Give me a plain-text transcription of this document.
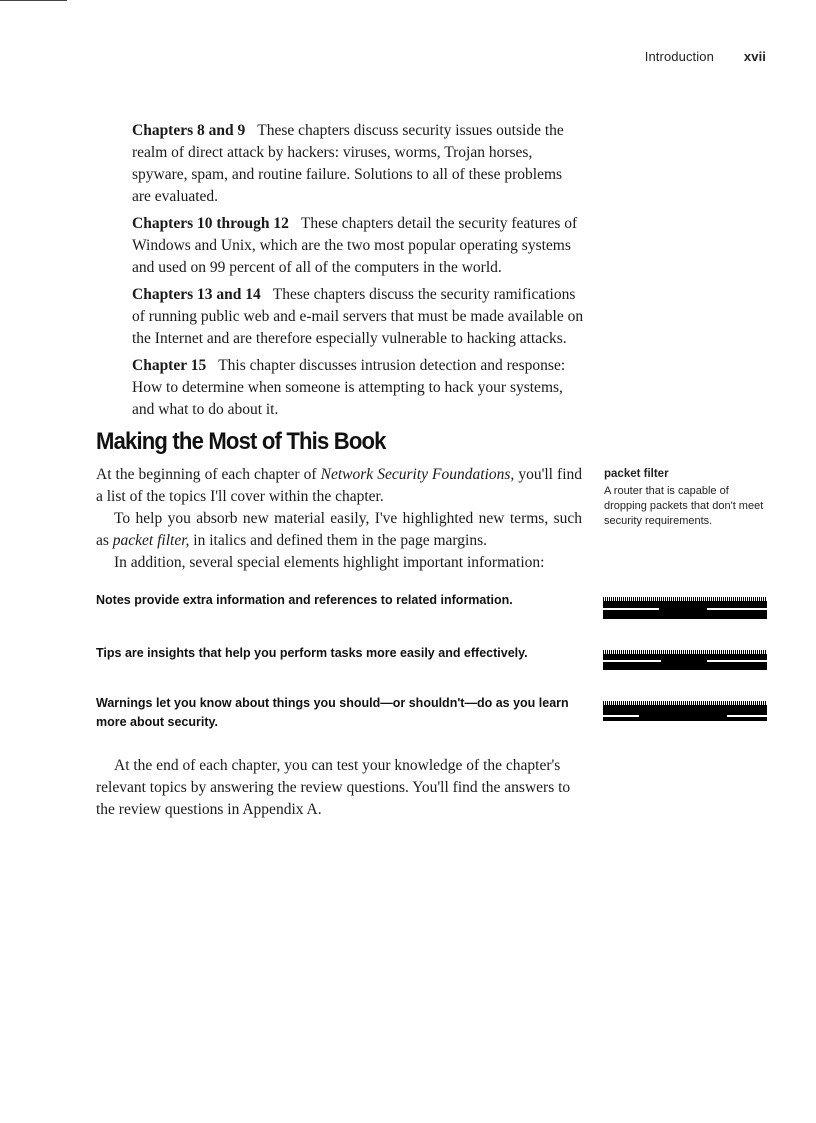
Introduction xvii

Chapters 8 and 9 These chapters discuss security issues outside the realm of direct attack by hackers: viruses, worms, Trojan horses, spyware, spam, and routine failure. Solutions to all of these problems are evaluated.

Chapters 10 through 12 These chapters detail the security features of Windows and Unix, which are the two most popular operating systems and used on 99 percent of all of the computers in the world.

Chapters 13 and 14 These chapters discuss the security ramifications of running public web and e-mail servers that must be made available on the Internet and are therefore especially vulnerable to hacking attacks.

Chapter 15 This chapter discusses intrusion detection and response: How to determine when someone is attempting to hack your systems, and what to do about it.

Making the Most of This Book

At the beginning of each chapter of Network Security Foundations, you'll find a list of the topics I'll cover within the chapter.

To help you absorb new material easily, I've highlighted new terms, such as packet filter, in italics and defined them in the page margins.

In addition, several special elements highlight important information:

packet filter
A router that is capable of dropping packets that don't meet security requirements.
Notes provide extra information and references to related information.
Tips are insights that help you perform tasks more easily and effectively.
Warnings let you know about things you should—or shouldn't—do as you learn more about security.

At the end of each chapter, you can test your knowledge of the chapter's relevant topics by answering the review questions. You'll find the answers to the review questions in Appendix A.
